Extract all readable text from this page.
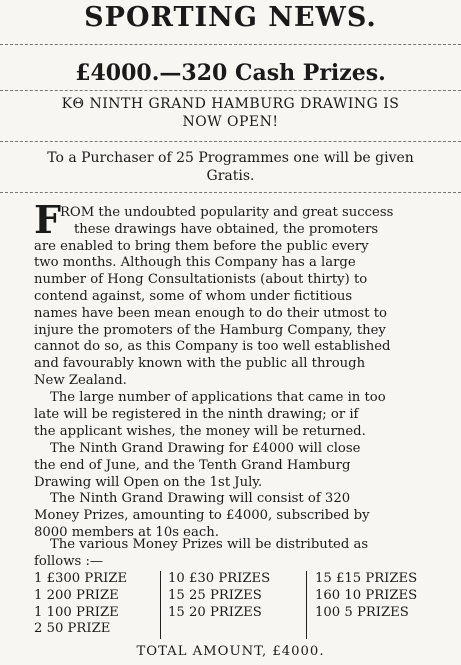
SPORTING NEWS.
£4000.—320 Cash Prizes.
ΚΘ NINTH GRAND HAMBURG DRAWING IS
NOW OPEN!
To a Purchaser of 25 Programmes one will be given
Gratis.
F ROM the undoubted popularity and great success
these drawings have obtained, the promoters
are enabled to bring them before the public every
two months. Although this Company has a large
number of Hong Consultationists (about thirty) to
contend against, some of whom under fictitious
names have been mean enough to do their utmost to
injure the promoters of the Hamburg Company, they
cannot do so, as this Company is too well established
and favourably known with the public all through
New Zealand.
The large number of applications that came in too
late will be registered in the ninth drawing; or if
the applicant wishes, the money will be returned.
The Ninth Grand Drawing for £4000 will close
the end of June, and the Tenth Grand Hamburg
Drawing will Open on the 1st July.
The Ninth Grand Drawing will consist of 320
Money Prizes, amounting to £4000, subscribed by
8000 members at 10s each.
The various Money Prizes will be distributed as
follows :—
1 £300 PRIZE	10 £30 PRIZES	15 £15 PRIZES
1 200 PRIZE	15 25 PRIZES	160 10 PRIZES
1 100 PRIZE	15 20 PRIZES	100 5 PRIZES
2 50 PRIZE
TOTAL AMOUNT, £4000.
